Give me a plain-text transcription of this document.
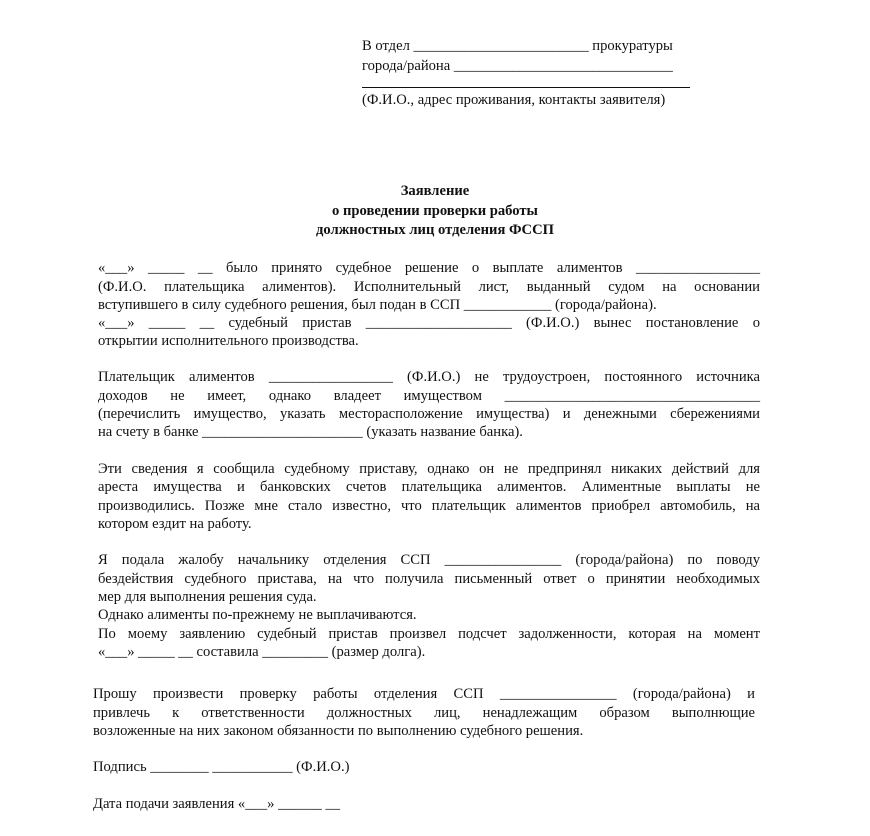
В отдел ________________________ прокуратуры
города/района ______________________________
(Ф.И.О., адрес проживания, контакты заявителя)
Заявление
о проведении проверки работы
должностных лиц отделения ФССП
«___» _____ __ было принято судебное решение о выплате алиментов _________________
(Ф.И.О. плательщика алиментов). Исполнительный лист, выданный судом на основании
вступившего в силу судебного решения, был подан в ССП ____________ (города/района).
«___» _____ __ судебный пристав ____________________ (Ф.И.О.) вынес постановление о
открытии исполнительного производства.
Плательщик алиментов _________________ (Ф.И.О.) не трудоустроен, постоянного источника
доходов не имеет, однако владеет имуществом ___________________________________
(перечислить имущество, указать месторасположение имущества) и денежными сбережениями
на счету в банке ______________________ (указать название банка).
Эти сведения я сообщила судебному приставу, однако он не предпринял никаких действий для
ареста имущества и банковских счетов плательщика алиментов. Алиментные выплаты не
производились. Позже мне стало известно, что плательщик алиментов приобрел автомобиль, на
котором ездит на работу.
Я подала жалобу начальнику отделения ССП ________________ (города/района) по поводу
бездействия судебного пристава, на что получила письменный ответ о принятии необходимых
мер для выполнения решения суда.
Однако алименты по-прежнему не выплачиваются.
По моему заявлению судебный пристав произвел подсчет задолженности, которая на момент
«___» _____ __ составила _________ (размер долга).
Прошу произвести проверку работы отделения ССП ________________ (города/района) и
привлечь к ответственности должностных лиц, ненадлежащим образом выполнющие
возложенные на них законом обязанности по выполнению судебного решения.
Подпись ________ ___________ (Ф.И.О.)
Дата подачи заявления «___» ______ __
